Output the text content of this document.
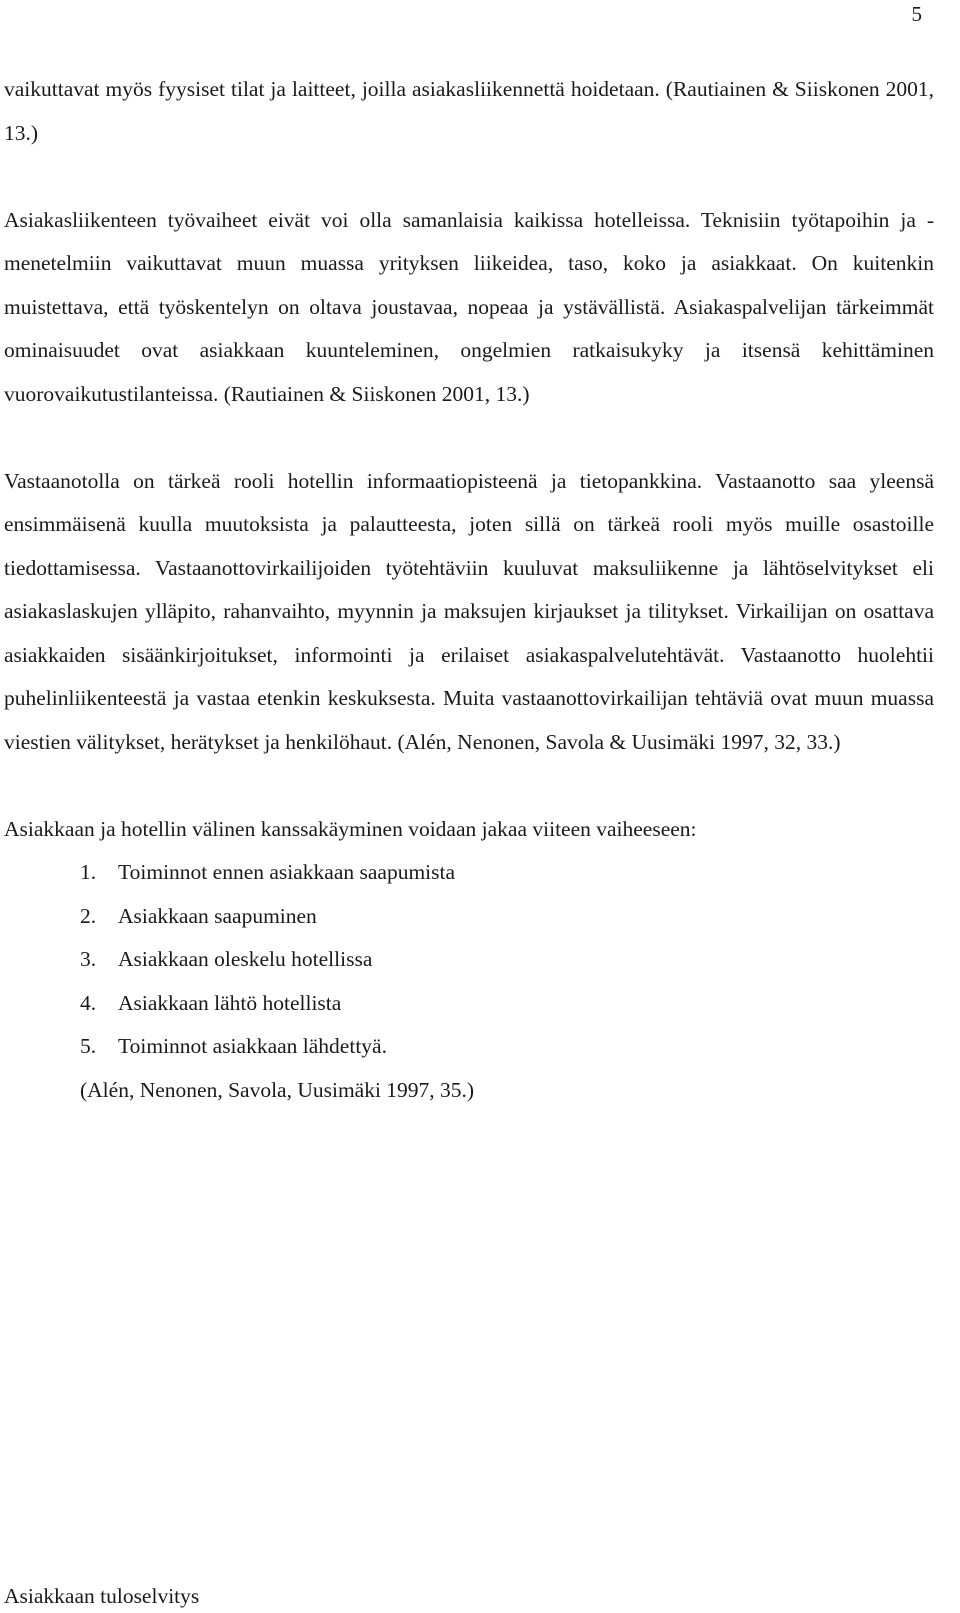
5

vaikuttavat myös fyysiset tilat ja laitteet, joilla asiakasliikennettä hoidetaan. (Rautiainen & Siiskonen 2001, 13.)

Asiakasliikenteen työvaiheet eivät voi olla samanlaisia kaikissa hotelleissa. Teknisiin työtapoihin ja -menetelmiin vaikuttavat muun muassa yrityksen liikeidea, taso, koko ja asiakkaat. On kuitenkin muistettava, että työskentelyn on oltava joustavaa, nopeaa ja ystävällistä. Asiakaspalvelijan tärkeimmät ominaisuudet ovat asiakkaan kuunteleminen, ongelmien ratkaisukyky ja itsensä kehittäminen vuorovaikutustilanteissa. (Rautiainen & Siiskonen 2001, 13.)

Vastaanotolla on tärkeä rooli hotellin informaatiopisteenä ja tietopankkina. Vastaanotto saa yleensä ensimmäisenä kuulla muutoksista ja palautteesta, joten sillä on tärkeä rooli myös muille osastoille tiedottamisessa. Vastaanottovirkailijoiden työtehtäviin kuuluvat maksuliikenne ja lähtöselvitykset eli asiakaslaskujen ylläpito, rahanvaihto, myynnin ja maksujen kirjaukset ja tilitykset. Virkailijan on osattava asiakkaiden sisäänkirjoitukset, informointi ja erilaiset asiakaspalvelutehtävät. Vastaanotto huolehtii puhelinliikenteestä ja vastaa etenkin keskuksesta. Muita vastaanottovirkailijan tehtäviä ovat muun muassa viestien välitykset, herätykset ja henkilöhaut. (Alén, Nenonen, Savola & Uusimäki 1997, 32, 33.)

Asiakkaan ja hotellin välinen kanssakäyminen voidaan jakaa viiteen vaiheeseen:

1.	Toiminnot ennen asiakkaan saapumista
2.	Asiakkaan saapuminen
3.	Asiakkaan oleskelu hotellissa
4.	Asiakkaan lähtö hotellista
5.	Toiminnot asiakkaan lähdettyä.

(Alén, Nenonen, Savola, Uusimäki 1997, 35.)

Asiakkaan tuloselvitys
